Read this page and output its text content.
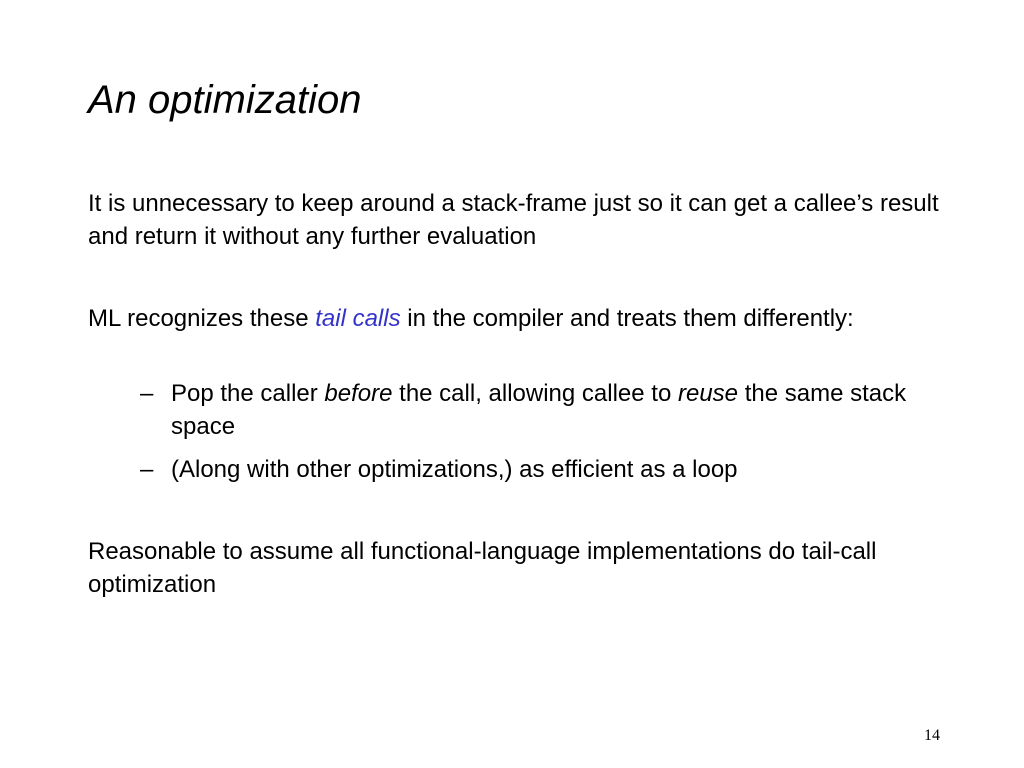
An optimization

It is unnecessary to keep around a stack-frame just so it can get a callee’s result and return it without any further evaluation

ML recognizes these tail calls in the compiler and treats them differently:

– Pop the caller before the call, allowing callee to reuse the same stack space
– (Along with other optimizations,) as efficient as a loop

Reasonable to assume all functional-language implementations do tail-call optimization

14
